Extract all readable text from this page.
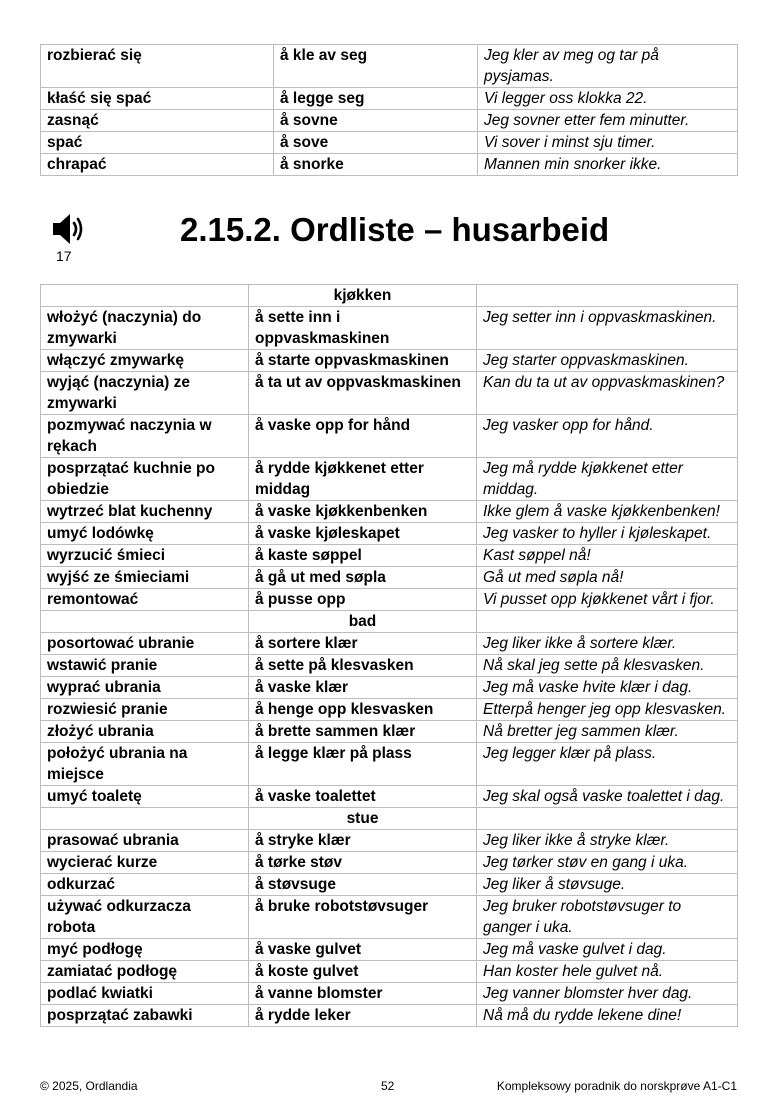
rozbierać się	å kle av seg	Jeg kler av meg og tar på pysjamas.
kłaść się spać	å legge seg	Vi legger oss klokka 22.
zasnąć	å sovne	Jeg sovner etter fem minutter.
spać	å sove	Vi sover i minst sju timer.
chrapać	å snorke	Mannen min snorker ikke.
17
2.15.2. Ordliste – husarbeid
	kjøkken	
włożyć (naczynia) do zmywarki	å sette inn i oppvaskmaskinen	Jeg setter inn i oppvaskmaskinen.
włączyć zmywarkę	å starte oppvaskmaskinen	Jeg starter oppvaskmaskinen.
wyjąć (naczynia) ze zmywarki	å ta ut av oppvaskmaskinen	Kan du ta ut av oppvaskmaskinen?
pozmywać naczynia w rękach	å vaske opp for hånd	Jeg vasker opp for hånd.
posprzątać kuchnie po obiedzie	å rydde kjøkkenet etter middag	Jeg må rydde kjøkkenet etter middag.
wytrzeć blat kuchenny	å vaske kjøkkenbenken	Ikke glem å vaske kjøkkenbenken!
umyć lodówkę	å vaske kjøleskapet	Jeg vasker to hyller i kjøleskapet.
wyrzucić śmieci	å kaste søppel	Kast søppel nå!
wyjść ze śmieciami	å gå ut med søpla	Gå ut med søpla nå!
remontować	å pusse opp	Vi pusset opp kjøkkenet vårt i fjor.
	bad	
posortować ubranie	å sortere klær	Jeg liker ikke å sortere klær.
wstawić pranie	å sette på klesvasken	Nå skal jeg sette på klesvasken.
wyprać ubrania	å vaske klær	Jeg må vaske hvite klær i dag.
rozwiesić pranie	å henge opp klesvasken	Etterpå henger jeg opp klesvasken.
złożyć ubrania	å brette sammen klær	Nå bretter jeg sammen klær.
położyć ubrania na miejsce	å legge klær på plass	Jeg legger klær på plass.
umyć toaletę	å vaske toalettet	Jeg skal også vaske toalettet i dag.
	stue	
prasować ubrania	å stryke klær	Jeg liker ikke å stryke klær.
wycierać kurze	å tørke støv	Jeg tørker støv en gang i uka.
odkurzać	å støvsuge	Jeg liker å støvsuge.
używać odkurzacza robota	å bruke robotstøvsuger	Jeg bruker robotstøvsuger to ganger i uka.
myć podłogę	å vaske gulvet	Jeg må vaske gulvet i dag.
zamiatać podłogę	å koste gulvet	Han koster hele gulvet nå.
podlać kwiatki	å vanne blomster	Jeg vanner blomster hver dag.
posprzątać zabawki	å rydde leker	Nå må du rydde lekene dine!
© 2025, Ordlandia	52	Kompleksowy poradnik do norskprøve A1-C1
